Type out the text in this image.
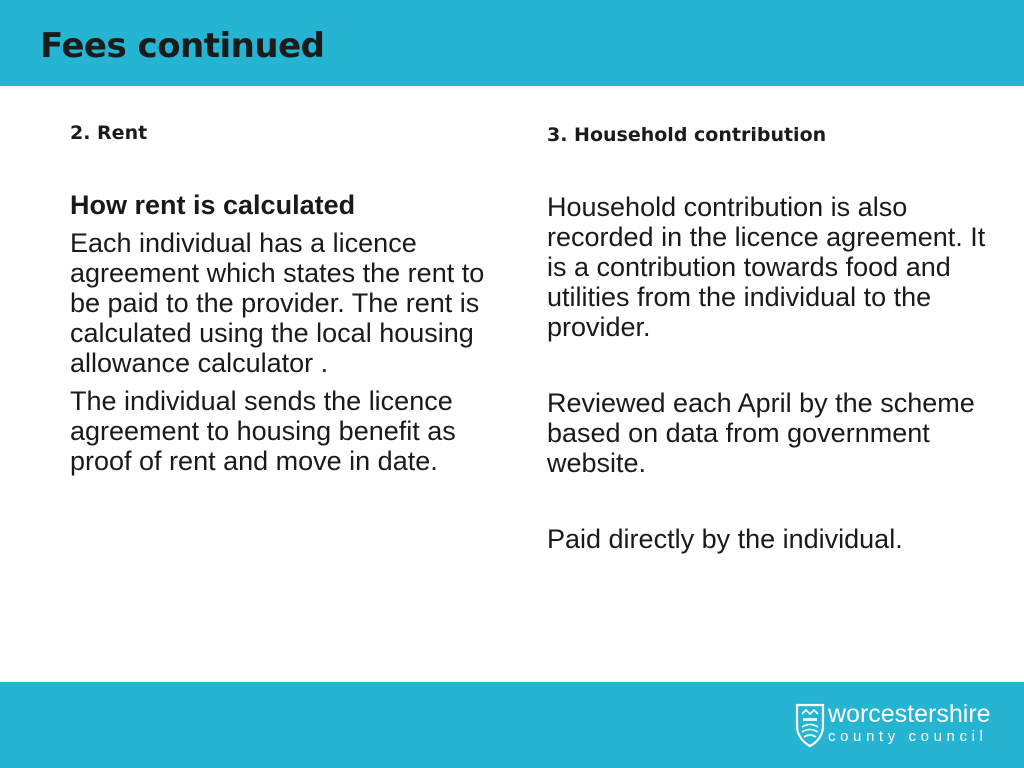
Fees continued

2. Rent

How rent is calculated

Each individual has a licence agreement which states the rent to be paid to the provider. The rent is calculated using the local housing allowance calculator .

The individual sends the licence agreement to housing benefit as proof of rent and move in date.

3. Household contribution

Household contribution is also recorded in the licence agreement. It is a contribution towards food and utilities from the individual to the provider.

Reviewed each April by the scheme based on data from government website.

Paid directly by the individual.

worcestershire
county council
